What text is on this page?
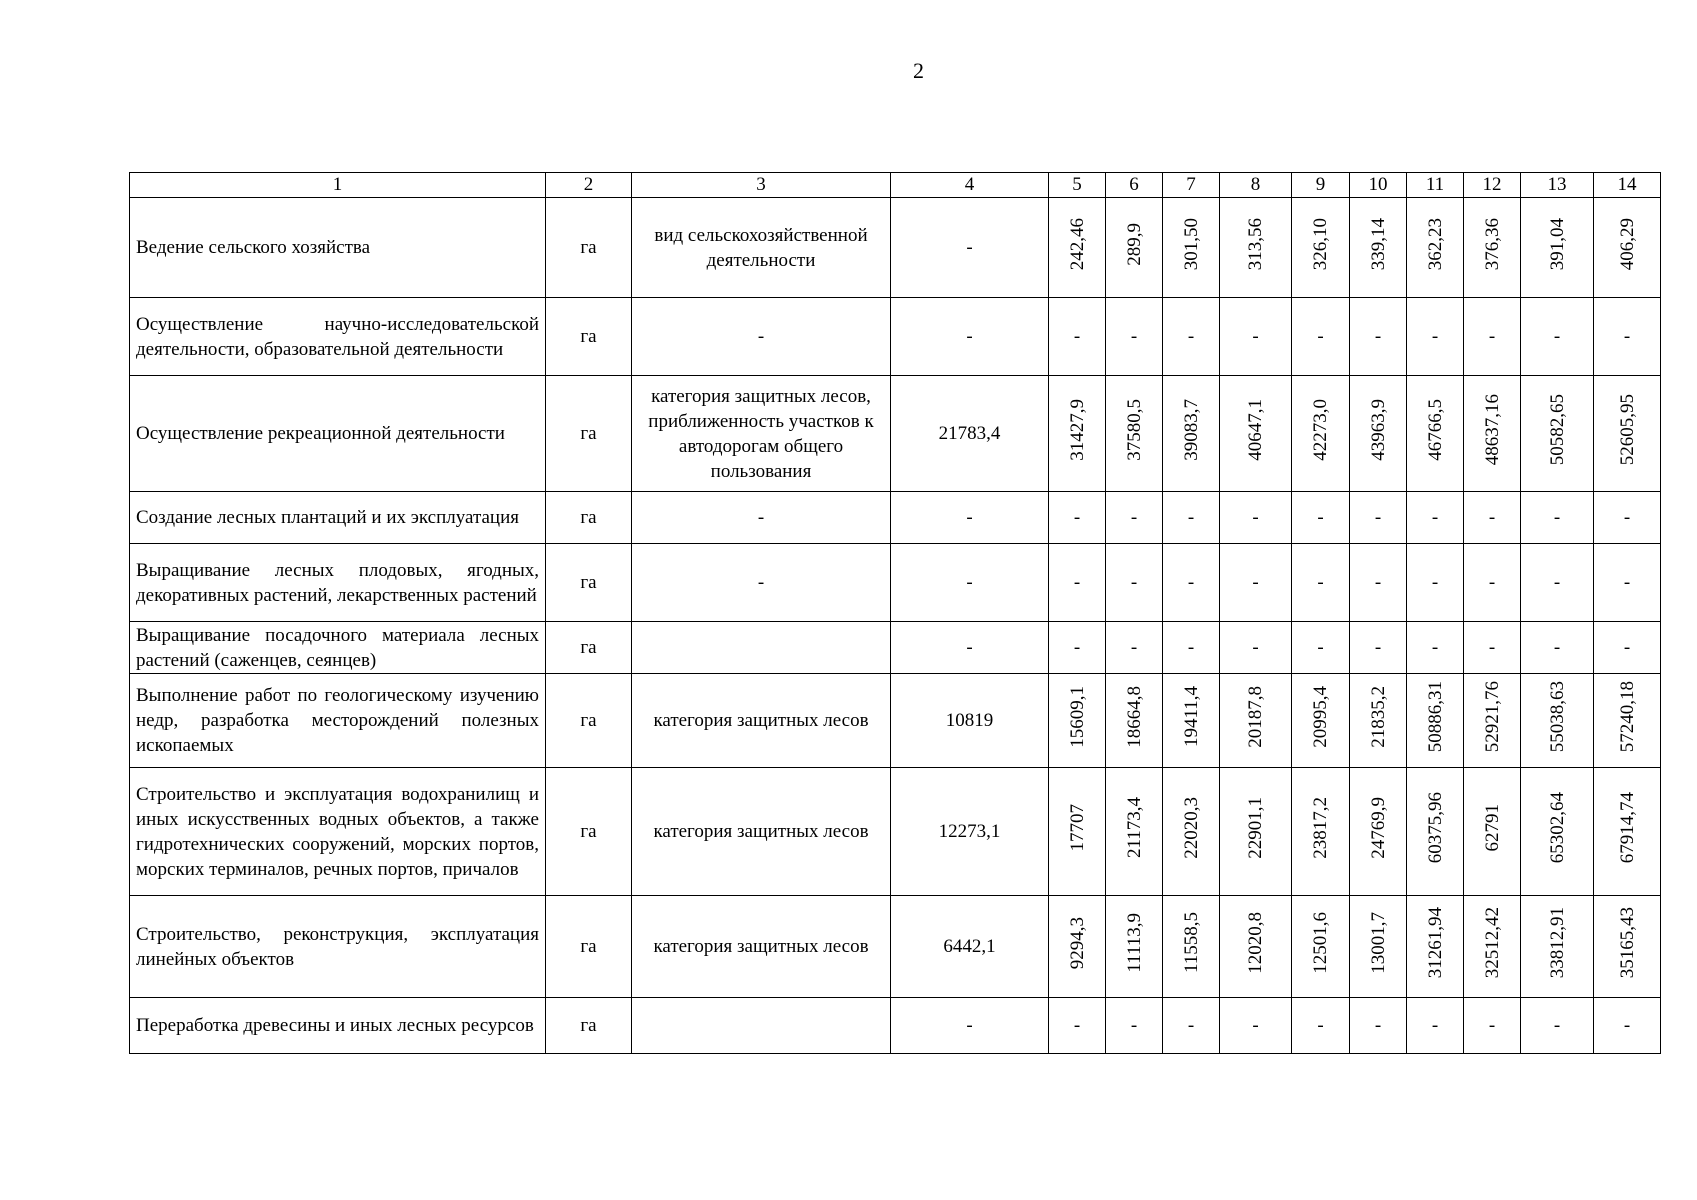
2
1	2	3	4	5	6	7	8	9	10	11	12	13	14
Ведение сельского хозяйства	га	вид сельскохозяйственной деятельности	-	242,46	289,9	301,50	313,56	326,10	339,14	362,23	376,36	391,04	406,29
Осуществление научно-исследовательской деятельности, образовательной деятельности	га	-	-	-	-	-	-	-	-	-	-	-	-
Осуществление рекреационной деятельности	га	категория защитных лесов, приближенность участков к автодорогам общего пользования	21783,4	31427,9	37580,5	39083,7	40647,1	42273,0	43963,9	46766,5	48637,16	50582,65	52605,95
Создание лесных плантаций и их эксплуатация	га	-	-	-	-	-	-	-	-	-	-	-	-
Выращивание лесных плодовых, ягодных, декоративных растений, лекарственных растений	га	-	-	-	-	-	-	-	-	-	-	-	-
Выращивание посадочного материала лесных растений (саженцев, сеянцев)	га		-	-	-	-	-	-	-	-	-	-	-
Выполнение работ по геологическому изучению недр, разработка месторождений полезных ископаемых	га	категория защитных лесов	10819	15609,1	18664,8	19411,4	20187,8	20995,4	21835,2	50886,31	52921,76	55038,63	57240,18
Строительство и эксплуатация водохранилищ и иных искусственных водных объектов, а также гидротехнических сооружений, морских портов, морских терминалов, речных портов, причалов	га	категория защитных лесов	12273,1	17707	21173,4	22020,3	22901,1	23817,2	24769,9	60375,96	62791	65302,64	67914,74
Строительство, реконструкция, эксплуатация линейных объектов	га	категория защитных лесов	6442,1	9294,3	11113,9	11558,5	12020,8	12501,6	13001,7	31261,94	32512,42	33812,91	35165,43
Переработка древесины и иных лесных ресурсов	га		-	-	-	-	-	-	-	-	-	-	-
